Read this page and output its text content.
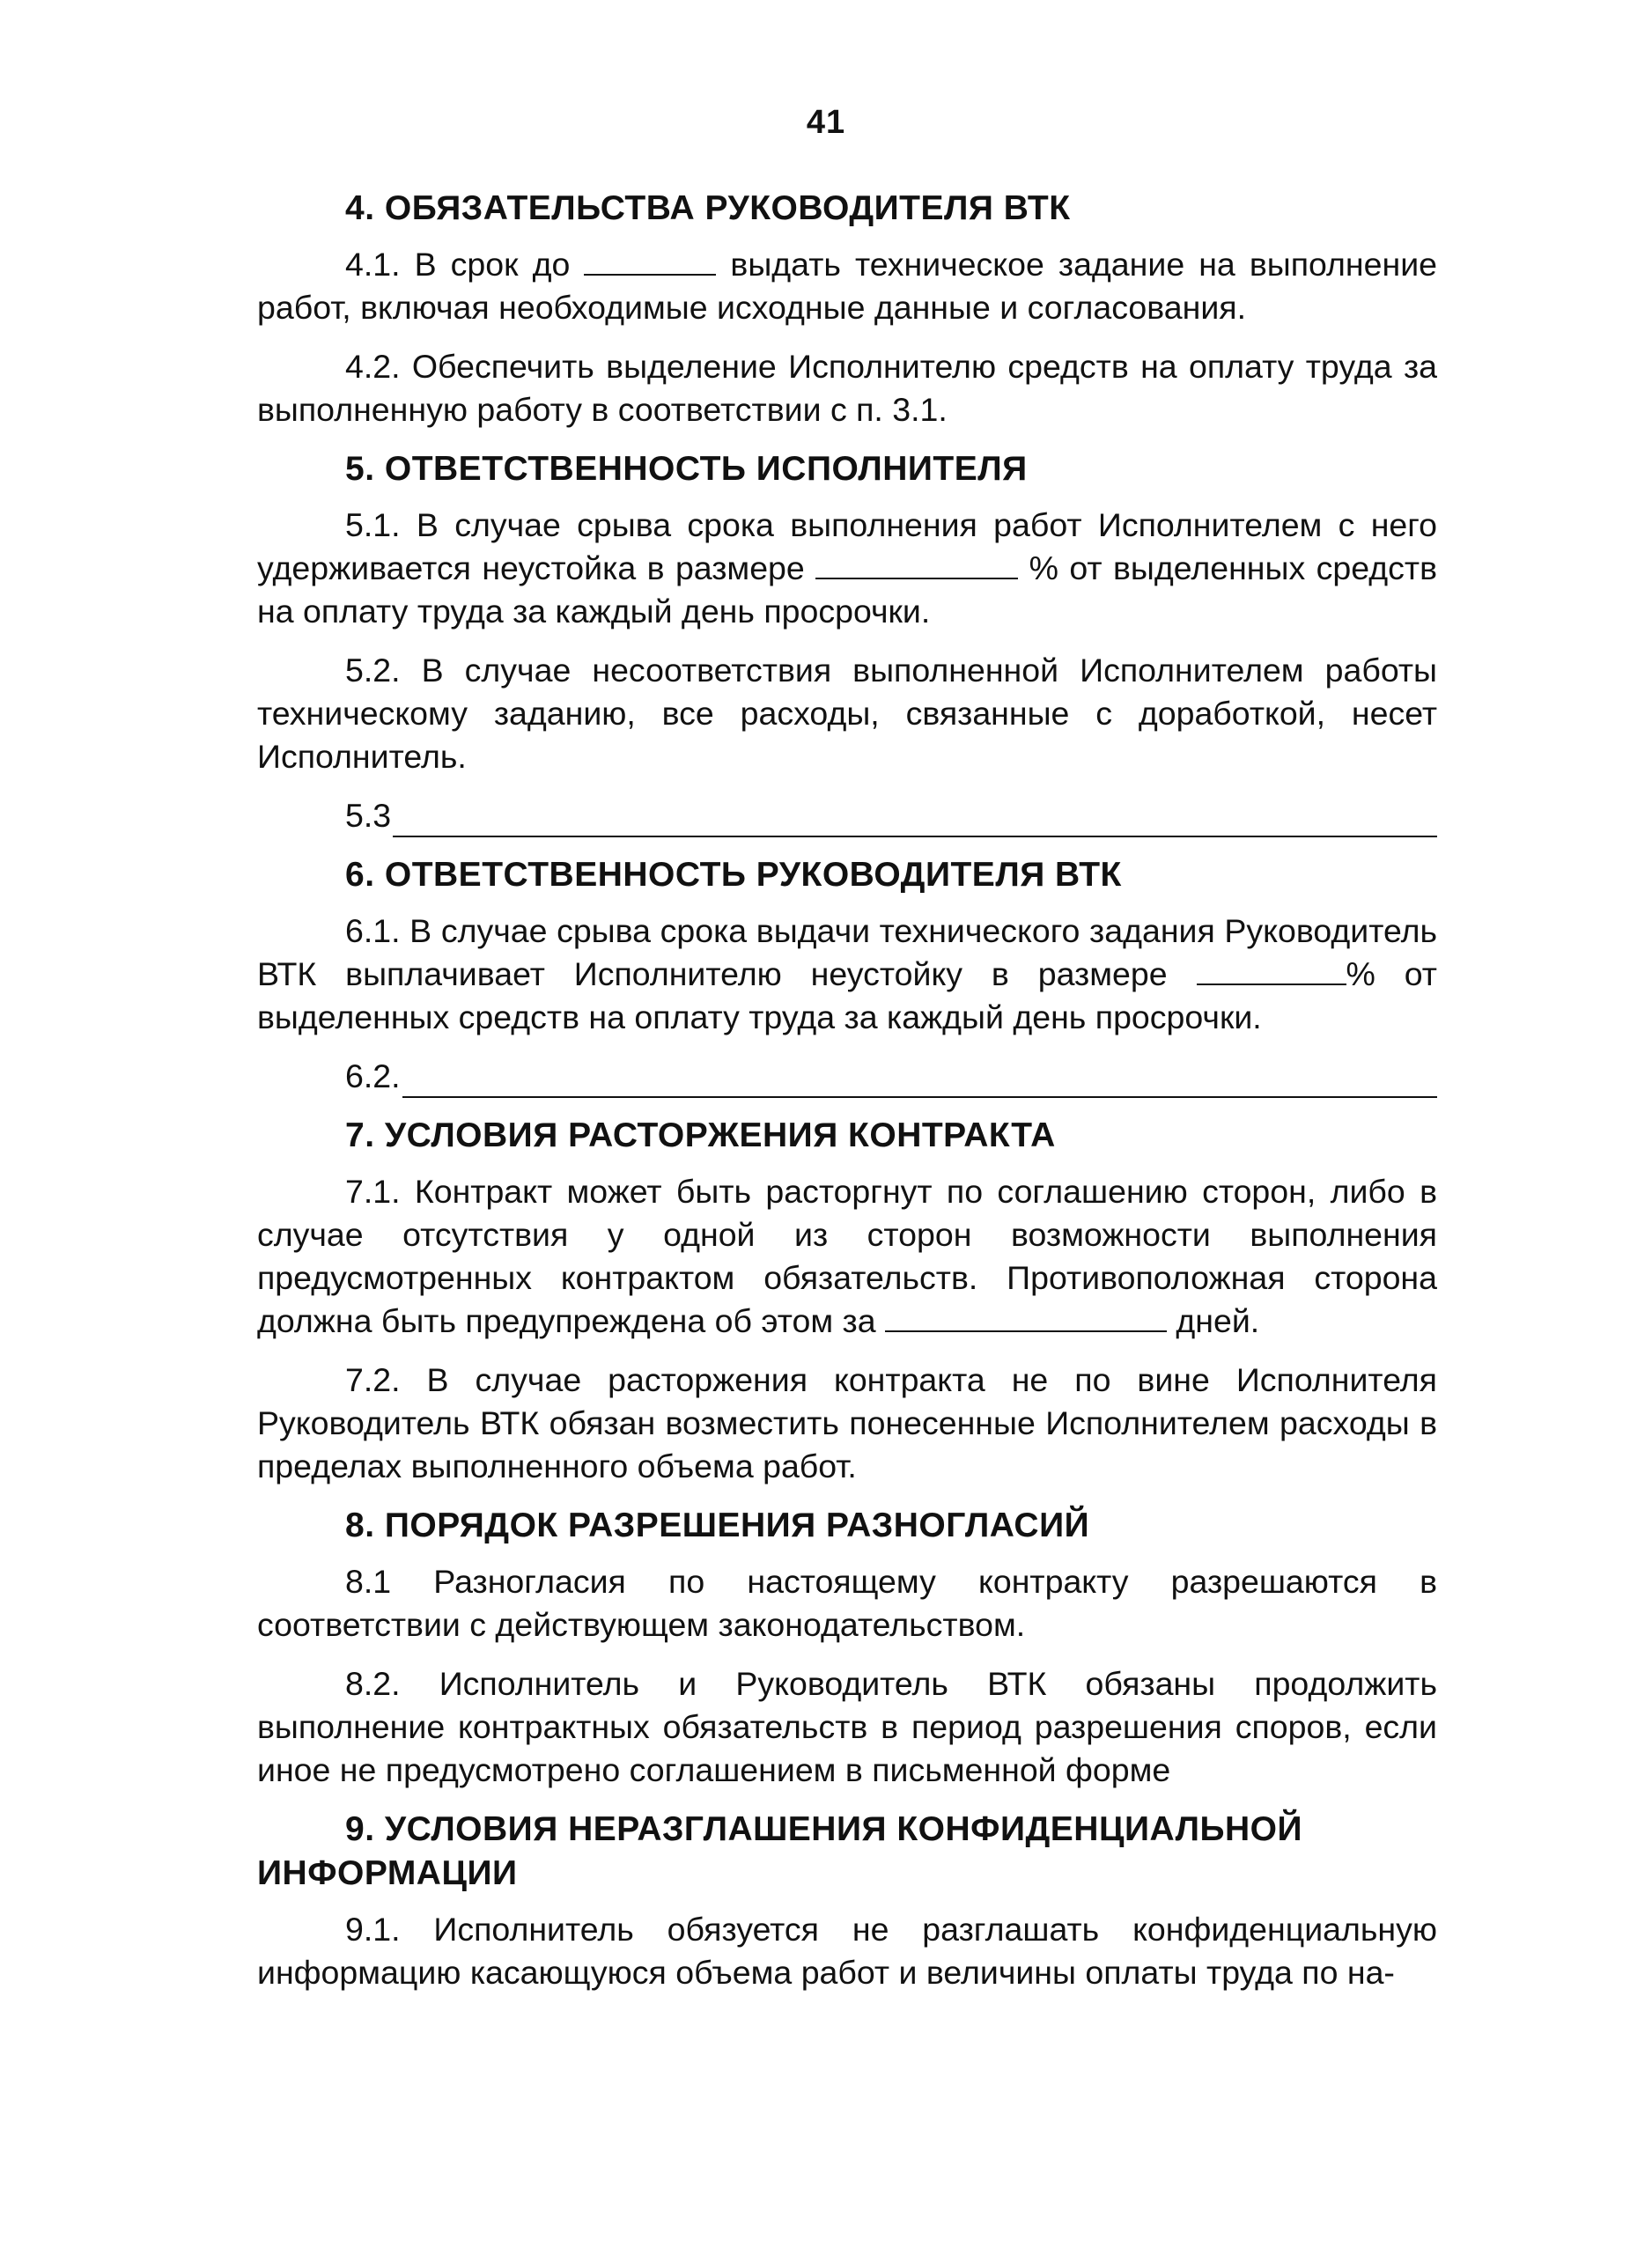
41
4. ОБЯЗАТЕЛЬСТВА РУКОВОДИТЕЛЯ ВТК

4.1. В срок до	выдать техническое задание на выполнение работ, включая необходимые исходные данные и согласования.

4.2. Обеспечить выделение Исполнителю средств на оплату труда за выполненную работу в соответствии с п. 3.1.

5. ОТВЕТСТВЕННОСТЬ ИСПОЛНИТЕЛЯ

5.1. В случае срыва срока выполнения работ Исполнителем с него удерживается неустойка в размере	% от выделенных средств на оплату труда за каждый день просрочки.

5.2. В случае несоответствия выполненной Исполнителем работы техническому заданию, все расходы, связанные с доработкой, несет Исполнитель.

5.3
6. ОТВЕТСТВЕННОСТЬ РУКОВОДИТЕЛЯ ВТК

6.1. В случае срыва срока выдачи технического задания Руководитель ВТК выплачивает Исполнителю неустойку в размере	% от выделенных средств на оплату труда за каждый день просрочки.

6.2.
7. УСЛОВИЯ РАСТОРЖЕНИЯ КОНТРАКТА

7.1. Контракт может быть расторгнут по соглашению сторон, либо в случае отсутствия у одной из сторон возможности выполнения предусмотренных контрактом обязательств. Противоположная сторона должна быть предупреждена об этом за	дней.

7.2. В случае расторжения контракта не по вине Исполнителя Руководитель ВТК обязан возместить понесенные Исполнителем расходы в пределах выполненного объема работ.

8. ПОРЯДОК РАЗРЕШЕНИЯ РАЗНОГЛАСИЙ

8.1 Разногласия по настоящему контракту разрешаются в соответствии с действующем законодательством.

8.2. Исполнитель и Руководитель ВТК обязаны продолжить выполнение контрактных обязательств в период разрешения споров, если иное не предусмотрено соглашением в письменной форме

9. УСЛОВИЯ НЕРАЗГЛАШЕНИЯ КОНФИДЕНЦИАЛЬНОЙ ИНФОРМАЦИИ

9.1. Исполнитель обязуется не разглашать конфиденциальную информацию касающуюся объема работ и величины оплаты труда по на-
